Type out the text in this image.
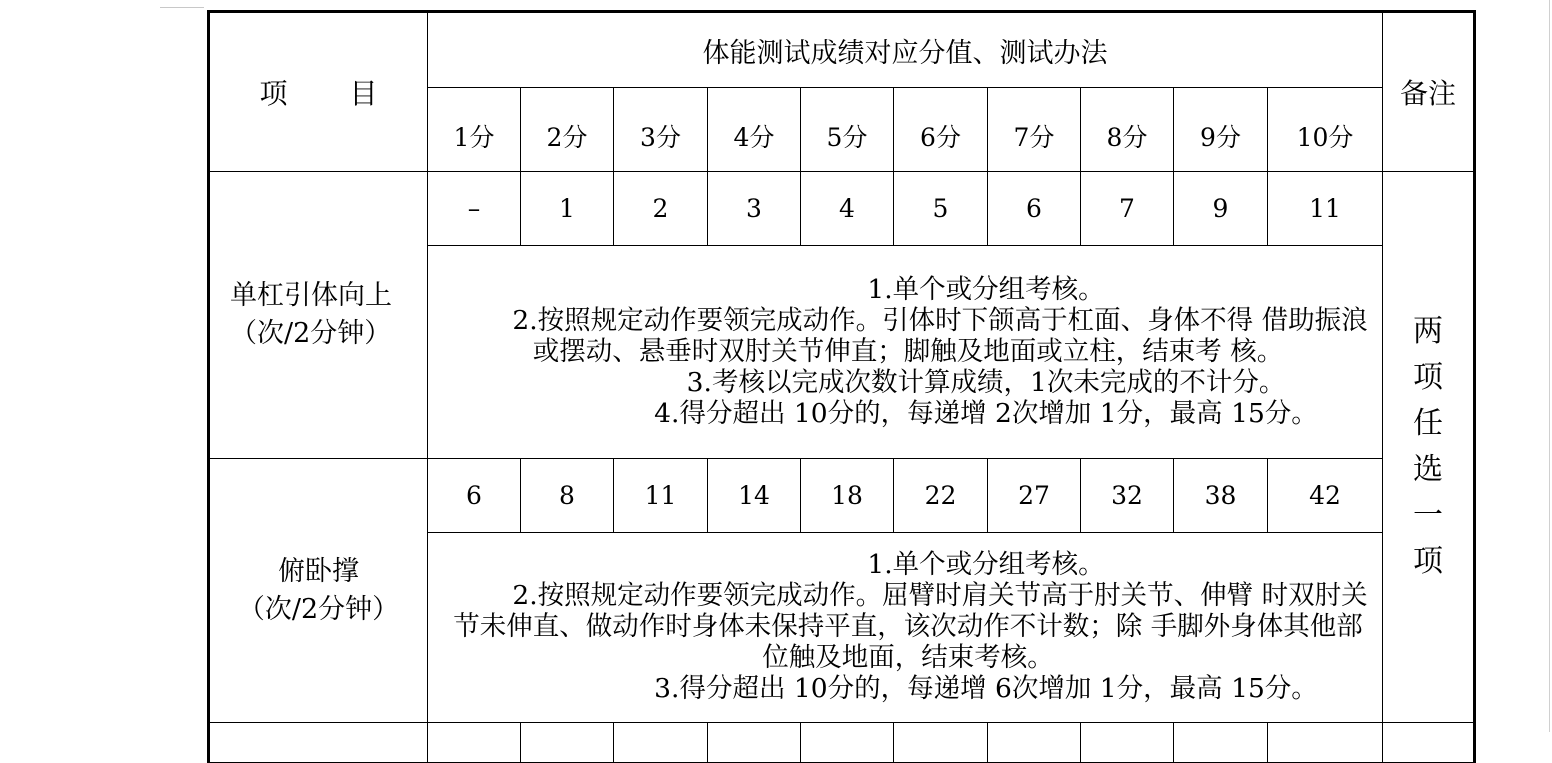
项 目	体能测试成绩对应分值、测试办法										备注
	1分	2分	3分	4分	5分	6分	7分	8分	9分	10分	
单杠引体向上（次/2分钟）	–	1	2	3	4	5	6	7	9	11	两项任选一项

	1.单个或分组考核。
2.按照规定动作要领完成动作。引体时下颌高于杠面、身体不得 借助振浪或摆动、悬垂时双肘关节伸直；脚触及地面或立柱，结束考 核。
3.考核以完成次数计算成绩，1次未完成的不计分。
4.得分超出 10分的，每递增 2次增加 1分，最高 15分。										

俯卧撑
（次/2分钟）	6	8	11	14	18	22	27	32	38	42	

	1.单个或分组考核。
2.按照规定动作要领完成动作。屈臂时肩关节高于肘关节、伸臂 时双肘关节未伸直、做动作时身体未保持平直，该次动作不计数；除 手脚外身体其他部位触及地面，结束考核。
3.得分超出 10分的，每递增 6次增加 1分，最高 15分。										
